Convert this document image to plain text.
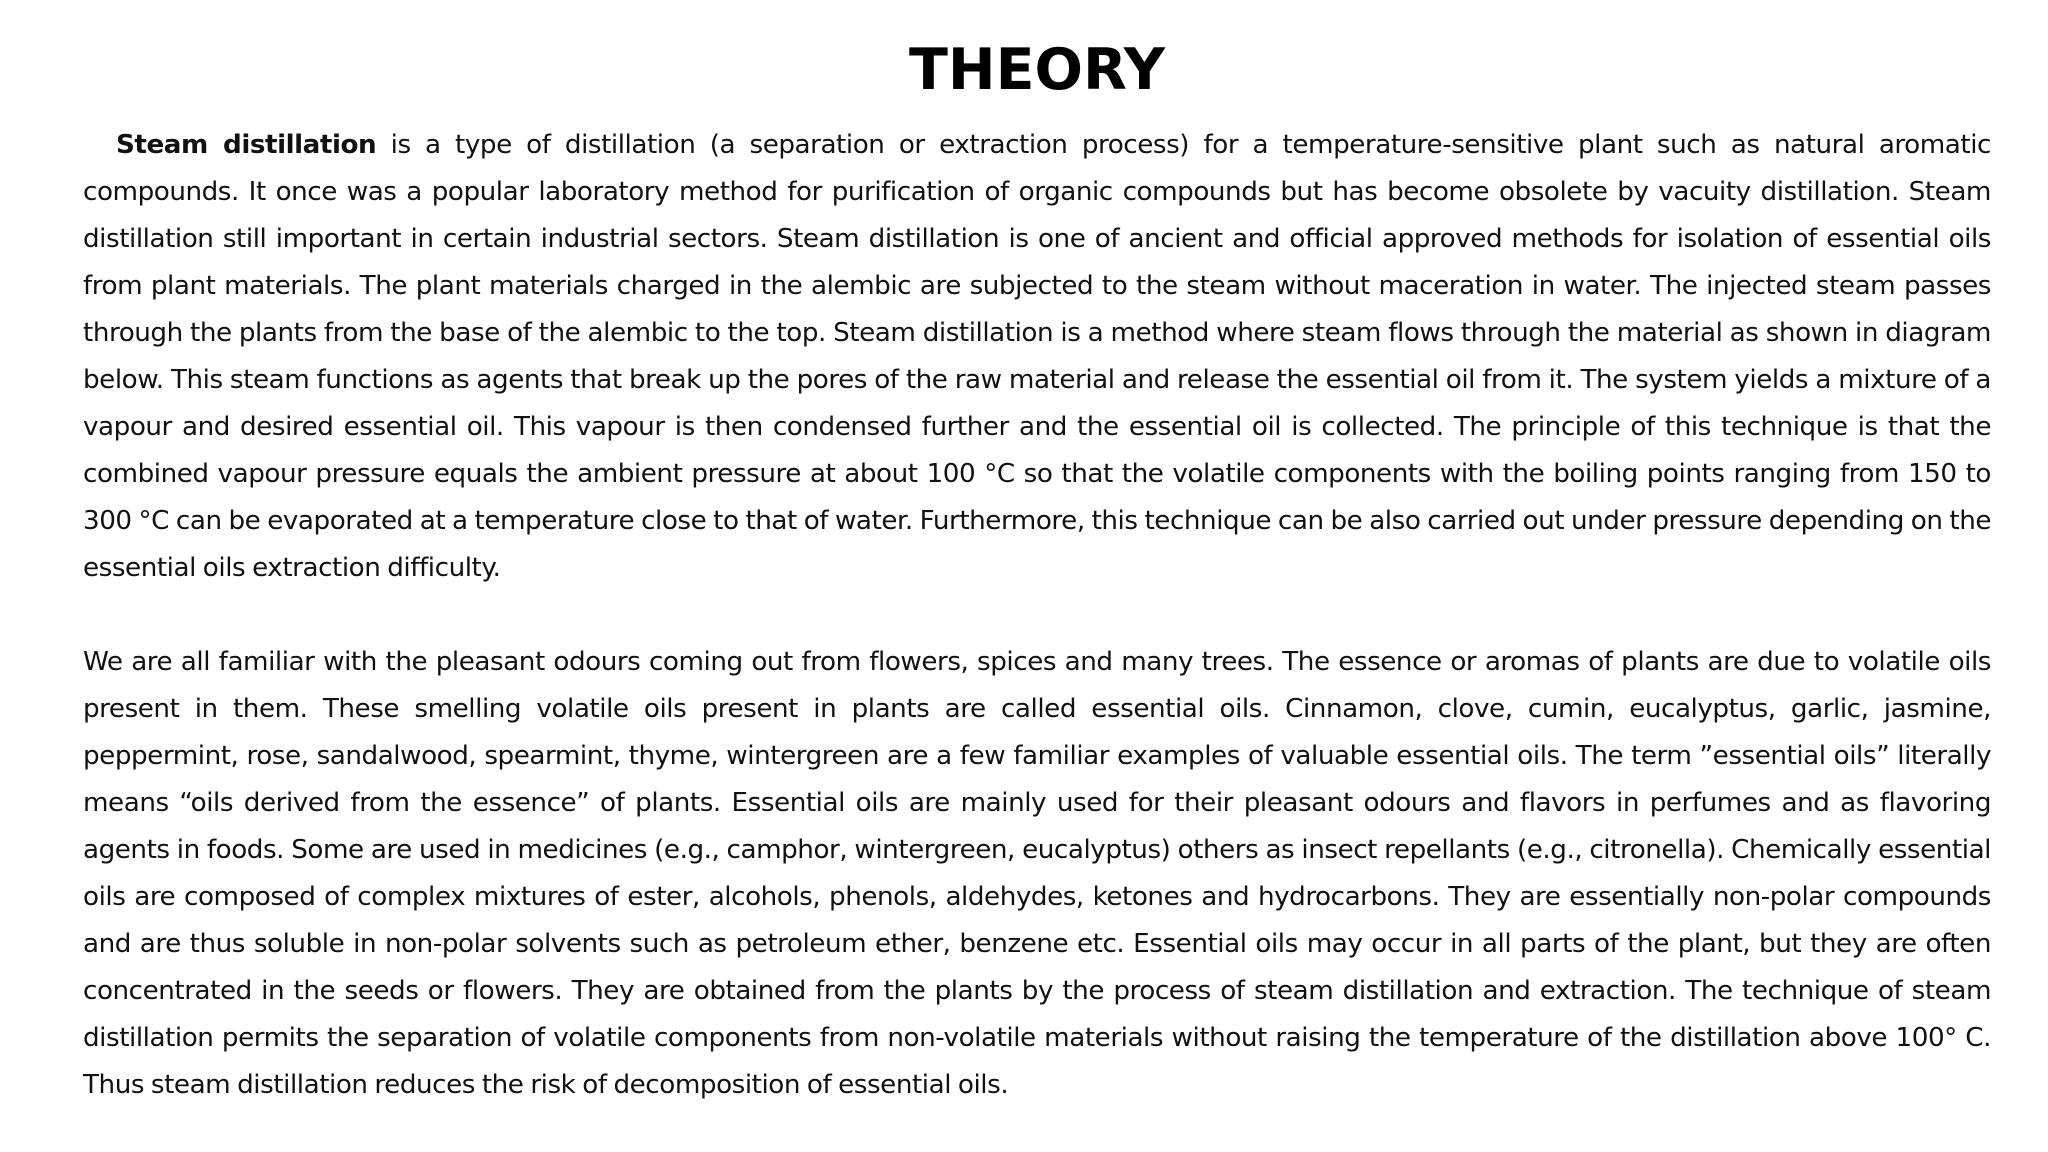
THEORY

Steam distillation is a type of distillation (a separation or extraction process) for a temperature-sensitive plant such as natural aromatic compounds. It once was a popular laboratory method for purification of organic compounds but has become obsolete by vacuity distillation. Steam distillation still important in certain industrial sectors. Steam distillation is one of ancient and official approved methods for isolation of essential oils from plant materials. The plant materials charged in the alembic are subjected to the steam without maceration in water. The injected steam passes through the plants from the base of the alembic to the top. Steam distillation is a method where steam flows through the material as shown in diagram below. This steam functions as agents that break up the pores of the raw material and release the essential oil from it. The system yields a mixture of a vapour and desired essential oil. This vapour is then condensed further and the essential oil is collected. The principle of this technique is that the combined vapour pressure equals the ambient pressure at about 100 °C so that the volatile components with the boiling points ranging from 150 to 300 °C can be evaporated at a temperature close to that of water. Furthermore, this technique can be also carried out under pressure depending on the essential oils extraction difficulty.

We are all familiar with the pleasant odours coming out from flowers, spices and many trees. The essence or aromas of plants are due to volatile oils present in them. These smelling volatile oils present in plants are called essential oils. Cinnamon, clove, cumin, eucalyptus, garlic, jasmine, peppermint, rose, sandalwood, spearmint, thyme, wintergreen are a few familiar examples of valuable essential oils. The term ”essential oils” literally means “oils derived from the essence” of plants. Essential oils are mainly used for their pleasant odours and flavors in perfumes and as flavoring agents in foods. Some are used in medicines (e.g., camphor, wintergreen, eucalyptus) others as insect repellants (e.g., citronella). Chemically essential oils are composed of complex mixtures of ester, alcohols, phenols, aldehydes, ketones and hydrocarbons. They are essentially non-polar compounds and are thus soluble in non-polar solvents such as petroleum ether, benzene etc. Essential oils may occur in all parts of the plant, but they are often concentrated in the seeds or flowers. They are obtained from the plants by the process of steam distillation and extraction. The technique of steam distillation permits the separation of volatile components from non-volatile materials without raising the temperature of the distillation above 100° C. Thus steam distillation reduces the risk of decomposition of essential oils.
